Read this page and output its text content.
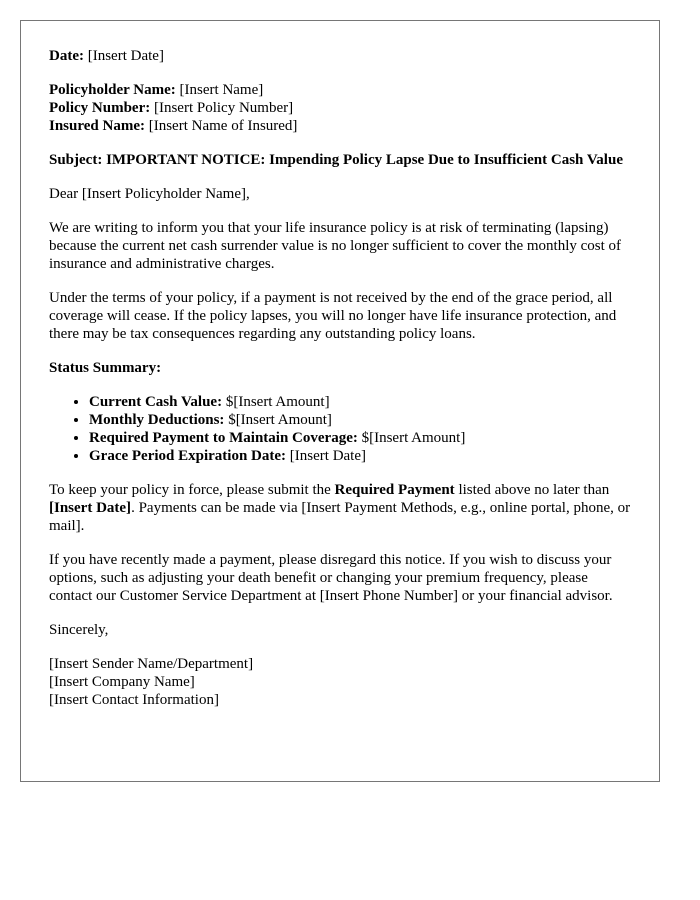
Date: [Insert Date]
Policyholder Name: [Insert Name]
Policy Number: [Insert Policy Number]
Insured Name: [Insert Name of Insured]
Subject: IMPORTANT NOTICE: Impending Policy Lapse Due to Insufficient Cash Value
Dear [Insert Policyholder Name],
We are writing to inform you that your life insurance policy is at risk of terminating (lapsing) because the current net cash surrender value is no longer sufficient to cover the monthly cost of insurance and administrative charges.
Under the terms of your policy, if a payment is not received by the end of the grace period, all coverage will cease. If the policy lapses, you will no longer have life insurance protection, and there may be tax consequences regarding any outstanding policy loans.
Status Summary:
• Current Cash Value: $[Insert Amount]
• Monthly Deductions: $[Insert Amount]
• Required Payment to Maintain Coverage: $[Insert Amount]
• Grace Period Expiration Date: [Insert Date]
To keep your policy in force, please submit the Required Payment listed above no later than [Insert Date]. Payments can be made via [Insert Payment Methods, e.g., online portal, phone, or mail].
If you have recently made a payment, please disregard this notice. If you wish to discuss your options, such as adjusting your death benefit or changing your premium frequency, please contact our Customer Service Department at [Insert Phone Number] or your financial advisor.
Sincerely,
[Insert Sender Name/Department]
[Insert Company Name]
[Insert Contact Information]
